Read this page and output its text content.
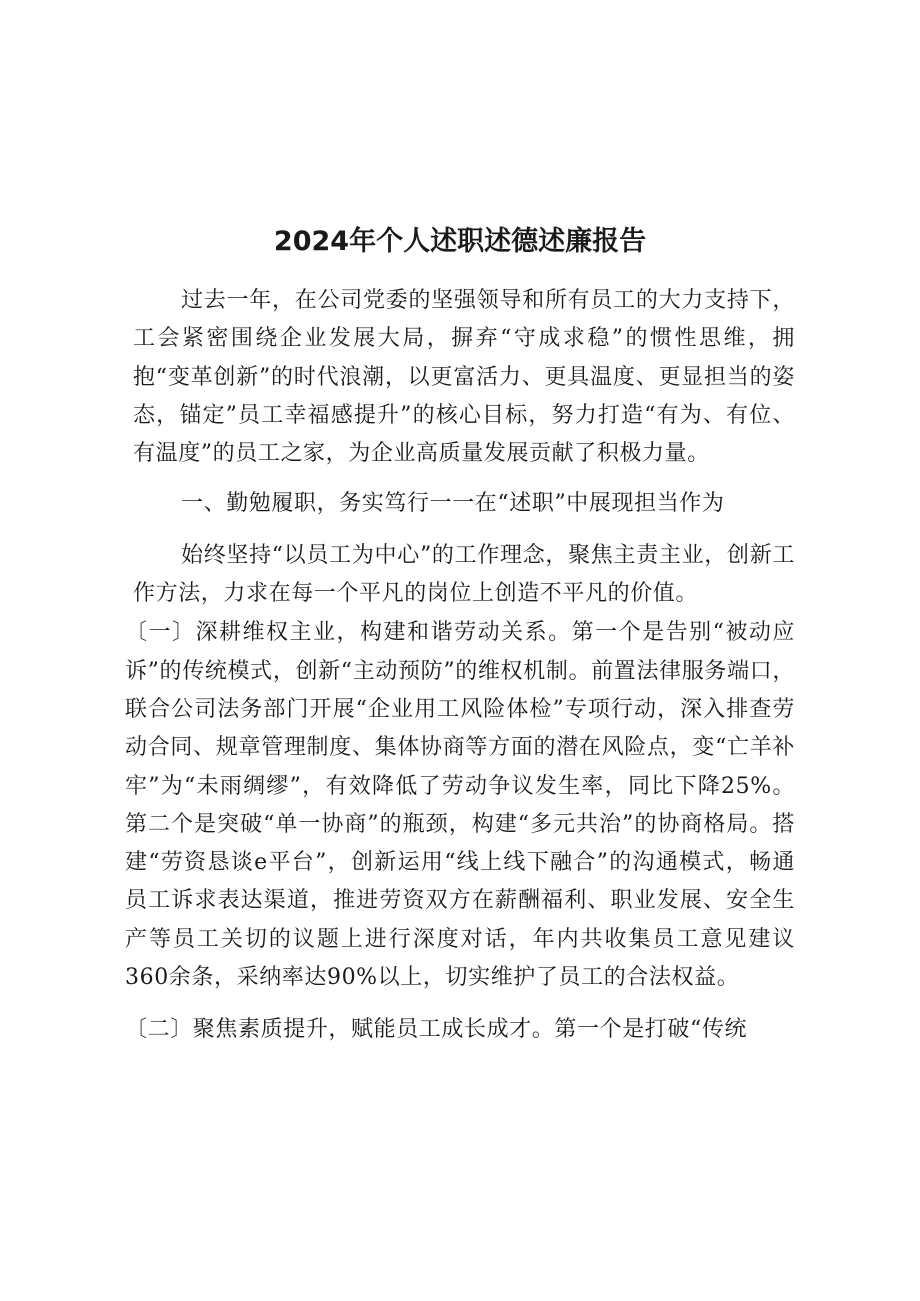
2024年个人述职述德述廉报告

过去一年，在公司党委的坚强领导和所有员工的大力支持下，工会紧密围绕企业发展大局，摒弃“守成求稳”的惯性思维，拥抱“变革创新”的时代浪潮，以更富活力、更具温度、更显担当的姿态，锚定”员工幸福感提升”的核心目标，努力打造“有为、有位、有温度”的员工之家，为企业高质量发展贡献了积极力量。

一、勤勉履职，务实笃行一一在“述职”中展现担当作为

始终坚持“以员工为中心”的工作理念，聚焦主责主业，创新工作方法，力求在每一个平凡的岗位上创造不平凡的价值。

〔一〕深耕维权主业，构建和谐劳动关系。第一个是告别“被动应诉”的传统模式，创新“主动预防”的维权机制。前置法律服务端口，联合公司法务部门开展“企业用工风险体检”专项行动，深入排查劳动合同、规章管理制度、集体协商等方面的潜在风险点，变“亡羊补牢”为“未雨绸缪”，有效降低了劳动争议发生率，同比下降25%。第二个是突破“单一协商”的瓶颈，构建“多元共治”的协商格局。搭建“劳资恳谈e平台”，创新运用“线上线下融合”的沟通模式，畅通员工诉求表达渠道，推进劳资双方在薪酬福利、职业发展、安全生产等员工关切的议题上进行深度对话，年内共收集员工意见建议360余条，采纳率达90%以上，切实维护了员工的合法权益。

〔二〕聚焦素质提升，赋能员工成长成才。第一个是打破“传统
